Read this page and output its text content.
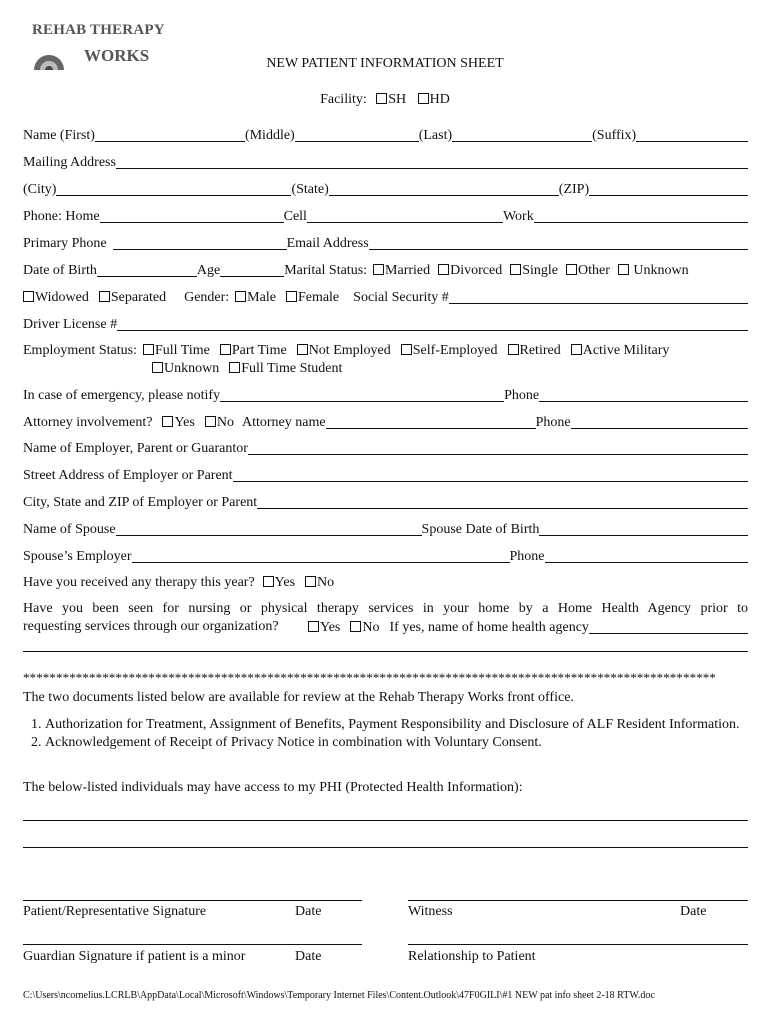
REHAB THERAPY
WORKS	NEW PATIENT INFORMATION SHEET
Facility: SH HD
Name (First)	(Middle)	(Last)	(Suffix)
Mailing Address
(City)	(State)	(ZIP)
Phone: Home	Cell	Work
Primary Phone	Email Address
Date of Birth	Age	Marital Status:	Married	Divorced	Single	Other	Unknown
Widowed	Separated Gender:	Male	Female Social Security #
Driver License #
Employment Status:	Full Time	Part Time	Not Employed	Self-Employed	Retired	Active Military
Unknown	Full Time Student
In case of emergency, please notify	Phone
Attorney involvement?	Yes	No Attorney name	Phone
Name of Employer, Parent or Guarantor
Street Address of Employer or Parent
City, State and ZIP of Employer or Parent
Name of Spouse	Spouse Date of Birth
Spouse’s Employer	Phone
Have you received any therapy this year?	Yes	No
Have you been seen for nursing or physical therapy services in your home by a Home Health Agency prior to
Yes	No If yes, name of home health agency
requesting services through our organization?
*********************************************************************************************************
The two documents listed below are available for review at the Rehab Therapy Works front office.
1. Authorization for Treatment, Assignment of Benefits, Payment Responsibility and Disclosure of ALF Resident Information.
2. Acknowledgement of Receipt of Privacy Notice in combination with Voluntary Consent.
The below-listed individuals may have access to my PHI (Protected Health Information):
Patient/Representative Signature	Date	Witness	Date
Guardian Signature if patient is a minor	Date	Relationship to Patient
C:\Users\ncornelius.LCRLB\AppData\Local\Microsoft\Windows\Temporary Internet Files\Content.Outlook\47F0GILI\#1 NEW pat info sheet 2-18 RTW.doc
